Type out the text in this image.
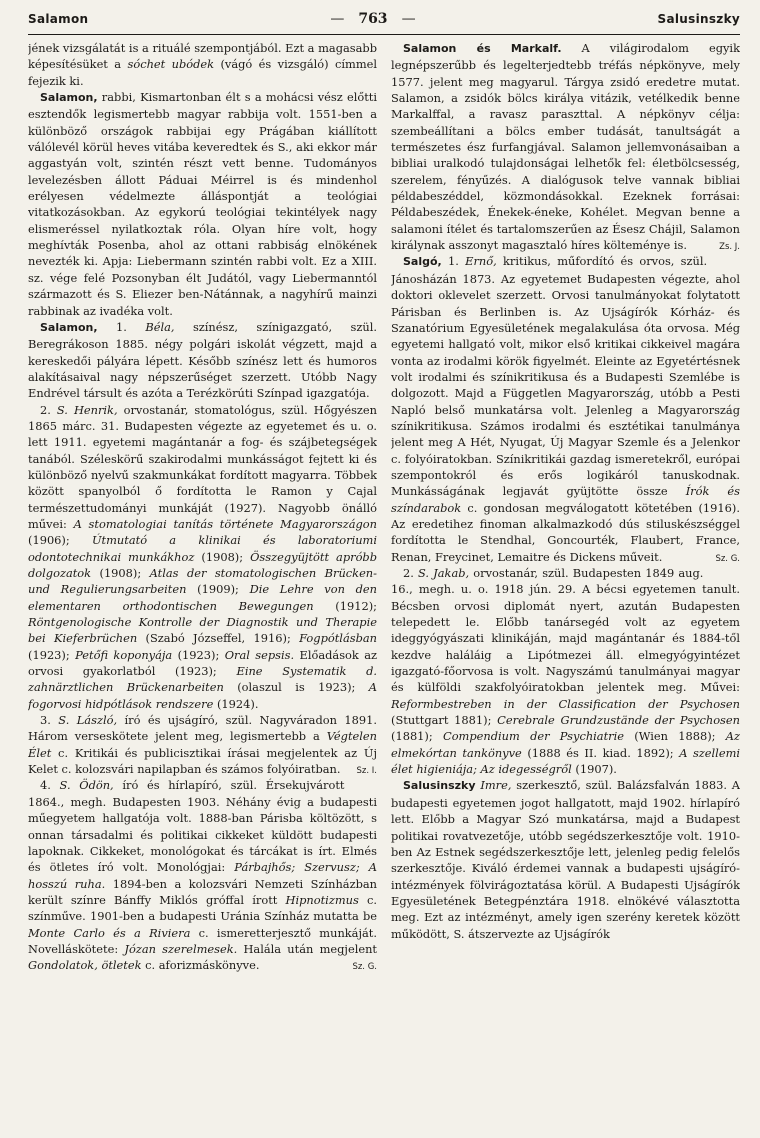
Salamon
—	763 —	Salusinszky

jének vizsgálatát is a rituálé szempontjából. Ezt a magasabb képesítésüket a sóchet ubódek (vágó és vizsgáló) címmel fejezik ki.

Salamon, rabbi, Kismartonban élt s a mohácsi vész előtti esztendők legismertebb magyar rabbija volt. 1551-ben a különböző országok rabbijai egy Prágában kiállított válólevél körül heves vitába keveredtek és S., aki ekkor már aggastyán volt, szintén részt vett benne. Tudományos levelezésben állott Páduai Méirrel is és mindenhol erélyesen védelmezte álláspontját a teológiai vitatkozásokban. Az egykorú teológiai tekintélyek nagy elismeréssel nyilatkoztak róla. Olyan híre volt, hogy meghívták Posenba, ahol az ottani rabbiság elnökének nevezték ki. Apja: Liebermann szintén rabbi volt. Ez a XIII. sz. vége felé Pozsonyban élt Judától, vagy Liebermanntól származott és S. Eliezer ben-Nátánnak, a nagyhírű mainzi rabbinak az ivadéka volt.

Salamon, 1. Béla, színész, színigazgató, szül. Beregrákoson 1885. négy polgári iskolát végzett, majd a kereskedői pályára lépett. Később színész lett és humoros alakításaival nagy népszerűséget szerzett. Utóbb Nagy Endrével társult és azóta a Terézkörúti Színpad igazgatója.

2. S. Henrik, orvostanár, stomatológus, szül. Hőgyészen 1865 márc. 31. Budapesten végezte az egyetemet és u. o. lett 1911. egyetemi magántanár a fog- és szájbetegségek tanából. Széleskörű szakirodalmi munkásságot fejtett ki és különböző nyelvű szakmunkákat fordított magyarra. Többek között spanyolból ő fordította le Ramon y Cajal természettudományi munkáját (1927). Nagyobb önálló művei: A stomatologiai tanítás története Magyarországon (1906); Útmutató a klinikai és laboratoriumi odontotechnikai munkákhoz (1908); Összegyüjtött apróbb dolgozatok (1908); Atlas der stomatologischen Brücken- und Regulierungsarbeiten (1909); Die Lehre von den elementaren orthodontischen Bewegungen (1912); Röntgenologische Kontrolle der Diagnostik und Therapie bei Kieferbrüchen (Szabó Józseffel, 1916); Fogpótlásban (1923); Petőfi koponyája (1923); Oral sepsis. Előadások az orvosi gyakorlatból (1923); Eine Systematik d. zahnärztlichen Brückenarbeiten (olaszul is 1923); A fogorvosi hidpótlások rendszere (1924).

3. S. László, író és ujságíró, szül. Nagyváradon 1891. Három verseskötete jelent meg, legismertebb a Végtelen Élet c. Kritikái és publicisztikai írásai megjelentek az Új Kelet c. kolozsvári napilapban és számos folyóiratban.	Sz. I.

4. S. Ödön, író és hírlapíró, szül. Érsekujvárott 1864., megh. Budapesten 1903. Néhány évig a budapesti műegyetem hallgatója volt. 1888-ban Párisba költözött, s onnan társadalmi és politikai cikkeket küldött budapesti lapoknak. Cikkeket, monológokat és tárcákat is írt. Elmés és ötletes író volt. Monológjai: Párbajhős; Szervusz; A hosszú ruha. 1894-ben a kolozsvári Nemzeti Színházban került színre Bánffy Miklós gróffal írott Hipnotizmus c. színműve. 1901-ben a budapesti Uránia Színház mutatta be Monte Carlo és a Riviera c. ismeretterjesztő munkáját. Novelláskötete: Józan szerelmesek. Halála után megjelent Gondolatok, ötletek c. aforizmáskönyve.	Sz. G.

Salamon és Markalf. A világirodalom egyik legnépszerűbb és legelterjedtebb tréfás népkönyve, mely 1577. jelent meg magyarul. Tárgya zsidó eredetre mutat. Salamon, a zsidók bölcs királya vitázik, vetélkedik benne Markalffal, a ravasz paraszttal. A népkönyv célja: szembeállítani a bölcs ember tudását, tanultságát a természetes ész furfangjával. Salamon jellemvonásaiban a bibliai uralkodó tulajdonságai lelhetők fel: életbölcsesség, szerelem, fényűzés. A dialógusok telve vannak bibliai példabeszéddel, közmondásokkal. Ezeknek forrásai: Példabeszédek, Énekek-éneke, Kohélet. Megvan benne a salamoni ítélet és tartalomszerűen az Ésesz Chájil, Salamon királynak asszonyt magasztaló híres költeménye is.	Zs. J.

Salgó, 1. Ernő, kritikus, műfordító és orvos, szül. Jánosházán 1873. Az egyetemet Budapesten végezte, ahol doktori oklevelet szerzett. Orvosi tanulmányokat folytatott Párisban és Berlinben is. Az Ujságírók Kórház- és Szanatórium Egyesületének megalakulása óta orvosa. Még egyetemi hallgató volt, mikor első kritikai cikkeivel magára vonta az irodalmi körök figyelmét. Eleinte az Egyetértésnek volt irodalmi és színikritikusa és a Budapesti Szemlébe is dolgozott. Majd a Független Magyarország, utóbb a Pesti Napló belső munkatársa volt. Jelenleg a Magyarország színikritikusa. Számos irodalmi és esztétikai tanulmánya jelent meg A Hét, Nyugat, Új Magyar Szemle és a Jelenkor c. folyóiratokban. Színikritikái gazdag ismeretekről, európai szempontokról és erős logikáról tanuskodnak. Munkásságának legjavát gyüjtötte össze Írók és színdarabok c. gondosan megválogatott kötetében (1916). Az eredetihez finoman alkalmazkodó dús stiluskészséggel fordította le Stendhal, Goncourték, Flaubert, France, Renan, Freycinet, Lemaitre és Dickens műveit.	Sz. G.

2. S. Jakab, orvostanár, szül. Budapesten 1849 aug. 16., megh. u. o. 1918 jún. 29. A bécsi egyetemen tanult. Bécsben orvosi diplomát nyert, azután Budapesten telepedett le. Előbb tanársegéd volt az egyetem ideggyógyászati klinikáján, majd magántanár és 1884-től kezdve haláláig a Lipótmezei áll. elmegyógyintézet igazgató-főorvosa is volt. Nagyszámú tanulmányai magyar és külföldi szakfolyóiratokban jelentek meg. Művei: Reformbestreben in der Classification der Psychosen (Stuttgart 1881); Cerebrale Grundzustände der Psychosen (1881); Compendium der Psychiatrie (Wien 1888); Az elmekórtan tankönyve (1888 és II. kiad. 1892); A szellemi élet higieniája; Az idegességről (1907).

Salusinszky Imre, szerkesztő, szül. Balázsfalván 1883. A budapesti egyetemen jogot hallgatott, majd 1902. hírlapíró lett. Előbb a Magyar Szó munkatársa, majd a Budapest politikai rovatvezetője, utóbb segédszerkesztője volt. 1910-ben Az Estnek segédszerkesztője lett, jelenleg pedig felelős szerkesztője. Kiváló érdemei vannak a budapesti ujságíró-intézmények fölvirágoztatása körül. A Budapesti Ujságírók Egyesületének Betegpénztára 1918. elnökévé választotta meg. Ezt az intézményt, amely igen szerény keretek között működött, S. átszervezte az Ujságírók
